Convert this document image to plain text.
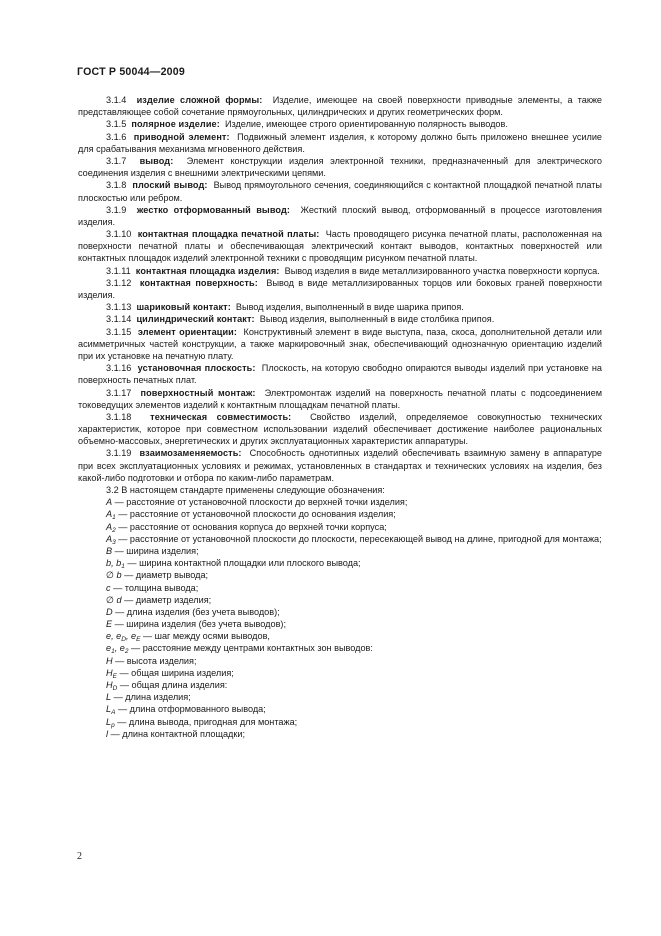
ГОСТ Р 50044—2009

3.1.4 изделие сложной формы: Изделие, имеющее на своей поверхности приводные элементы, а также представляющее собой сочетание прямоугольных, цилиндрических и других геометрических форм.

3.1.5 полярное изделие: Изделие, имеющее строго ориентированную полярность выводов.

3.1.6 приводной элемент: Подвижный элемент изделия, к которому должно быть приложено внешнее усилие для срабатывания механизма мгновенного действия.

3.1.7 вывод: Элемент конструкции изделия электронной техники, предназначенный для электрического соединения изделия с внешними электрическими цепями.

3.1.8 плоский вывод: Вывод прямоугольного сечения, соединяющийся с контактной площадкой печатной платы плоскостью или ребром.

3.1.9 жестко отформованный вывод: Жесткий плоский вывод, отформованный в процессе изготовления изделия.

3.1.10 контактная площадка печатной платы: Часть проводящего рисунка печатной платы, расположенная на поверхности печатной платы и обеспечивающая электрический контакт выводов, контактных поверхностей или контактных площадок изделий электронной техники с проводящим рисунком печатной платы.

3.1.11 контактная площадка изделия: Вывод изделия в виде металлизированного участка поверхности корпуса.

3.1.12 контактная поверхность: Вывод в виде металлизированных торцов или боковых граней поверхности изделия.

3.1.13 шариковый контакт: Вывод изделия, выполненный в виде шарика припоя.

3.1.14 цилиндрический контакт: Вывод изделия, выполненный в виде столбика припоя.

3.1.15 элемент ориентации: Конструктивный элемент в виде выступа, паза, скоса, дополнительной детали или асимметричных частей конструкции, а также маркировочный знак, обеспечивающий однозначную ориентацию изделий при их установке на печатную плату.

3.1.16 установочная плоскость: Плоскость, на которую свободно опираются выводы изделий при установке на поверхность печатных плат.

3.1.17 поверхностный монтаж: Электромонтаж изделий на поверхность печатной платы с подсоединением токоведущих элементов изделий к контактным площадкам печатной платы.

3.1.18 техническая совместимость: Свойство изделий, определяемое совокупностью технических характеристик, которое при совместном использовании изделий обеспечивает достижение наиболее рациональных объемно-массовых, энергетических и других эксплуатационных характеристик аппаратуры.

3.1.19 взаимозаменяемость: Способность однотипных изделий обеспечивать взаимную замену в аппаратуре при всех эксплуатационных условиях и режимах, установленных в стандартах и технических условиях на изделия, без какой-либо подготовки и отбора по каким-либо параметрам.

3.2 В настоящем стандарте применены следующие обозначения:

A — расстояние от установочной плоскости до верхней точки изделия;

$A_1$ — расстояние от установочной плоскости до основания изделия;

$A_2$ — расстояние от основания корпуса до верхней точки корпуса;

$A_3$ — расстояние от установочной плоскости до плоскости, пересекающей вывод на длине, пригодной для монтажа;

B — ширина изделия;

b, $b_1$ — ширина контактной площадки или плоского вывода;

∅ b — диаметр вывода;

c — толщина вывода;

∅ d — диаметр изделия;

D — длина изделия (без учета выводов);

E — ширина изделия (без учета выводов);

e, $e_D$, $e_E$ — шаг между осями выводов,

$e_1$, $e_2$ — расстояние между центрами контактных зон выводов:

H — высота изделия;

$H_E$ — общая ширина изделия;

$H_D$ — общая длина изделия:

L — длина изделия;

$L_A$ — длина отформованного вывода;

$L_p$ — длина вывода, пригодная для монтажа;

l — длина контактной площадки;

2
